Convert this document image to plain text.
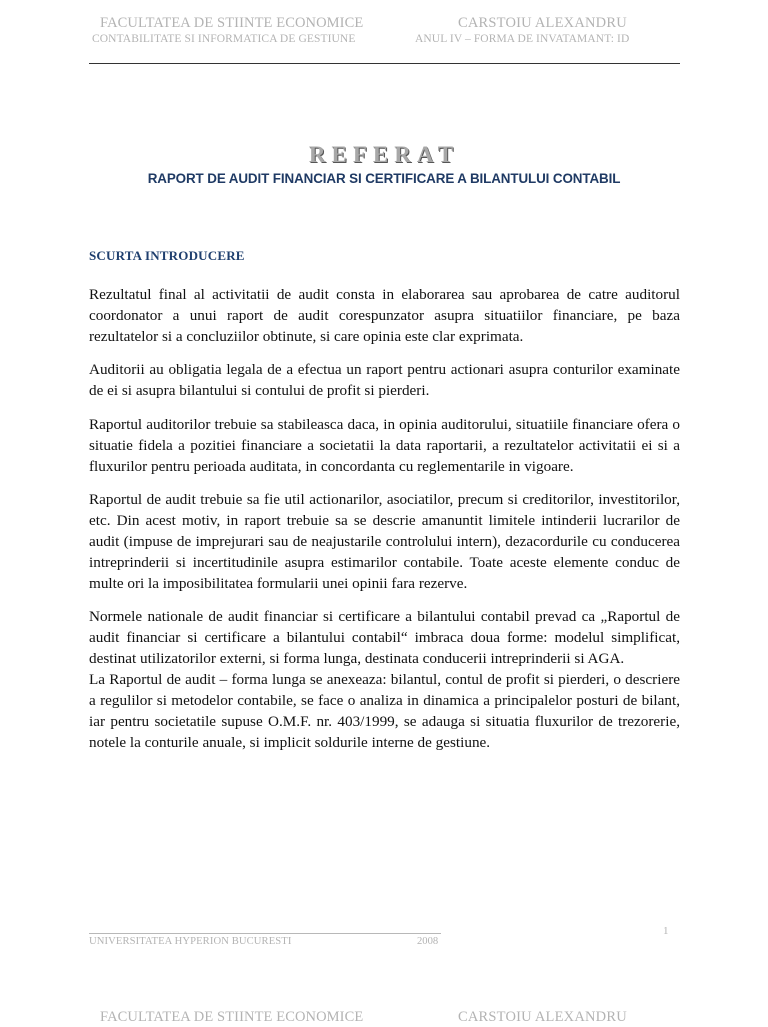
FACULTATEA DE STIINTE ECONOMICE	CARSTOIU ALEXANDRU
CONTABILITATE SI INFORMATICA DE GESTIUNE	ANUL IV – FORMA DE INVATAMANT: ID
REFERAT
RAPORT DE AUDIT FINANCIAR SI CERTIFICARE A BILANTULUI CONTABIL
SCURTA INTRODUCERE

Rezultatul final al activitatii de audit consta in elaborarea sau aprobarea de catre auditorul coordonator a unui raport de audit corespunzator asupra situatiilor financiare, pe baza rezultatelor si a concluziilor obtinute, si care opinia este clar exprimata.

Auditorii au obligatia legala de a efectua un raport pentru actionari asupra conturilor examinate de ei si asupra bilantului si contului de profit si pierderi.

Raportul auditorilor trebuie sa stabileasca daca, in opinia auditorului, situatiile financiare ofera o situatie fidela a pozitiei financiare a societatii la data raportarii, a rezultatelor activitatii ei si a fluxurilor pentru perioada auditata, in concordanta cu reglementarile in vigoare.

Raportul de audit trebuie sa fie util actionarilor, asociatilor, precum si creditorilor, investitorilor, etc. Din acest motiv, in raport trebuie sa se descrie amanuntit limitele intinderii lucrarilor de audit (impuse de imprejurari sau de neajustarile controlului intern), dezacordurile cu conducerea intreprinderii si incertitudinile asupra estimarilor contabile. Toate aceste elemente conduc de multe ori la imposibilitatea formularii unei opinii fara rezerve.

Normele nationale de audit financiar si certificare a bilantului contabil prevad ca „Raportul de audit financiar si certificare a bilantului contabil“ imbraca doua forme: modelul simplificat, destinat utilizatorilor externi, si forma lunga, destinata conducerii intreprinderii si AGA.

La Raportul de audit – forma lunga se anexeaza: bilantul, contul de profit si pierderi, o descriere a regulilor si metodelor contabile, se face o analiza in dinamica a principalelor posturi de bilant, iar pentru societatile supuse O.M.F. nr. 403/1999, se adauga si situatia fluxurilor de trezorerie, notele la conturile anuale, si implicit soldurile interne de gestiune.

1
UNIVERSITATEA HYPERION BUCURESTI	2008
FACULTATEA DE STIINTE ECONOMICE	CARSTOIU ALEXANDRU
